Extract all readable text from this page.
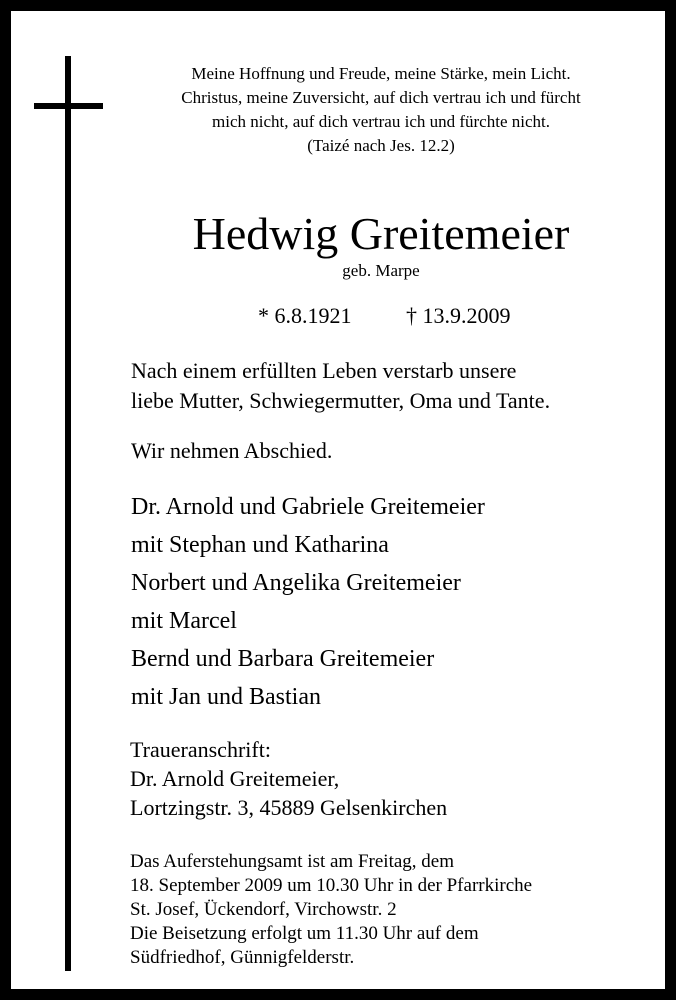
Meine Hoffnung und Freude, meine Stärke, mein Licht.
Christus, meine Zuversicht, auf dich vertrau ich und fürcht
mich nicht, auf dich vertrau ich und fürchte nicht.
(Taizé nach Jes. 12.2)
Hedwig Greitemeier
geb. Marpe
* 6.8.1921 † 13.9.2009
Nach einem erfüllten Leben verstarb unsere
liebe Mutter, Schwiegermutter, Oma und Tante.
Wir nehmen Abschied.
Dr. Arnold und Gabriele Greitemeier
mit Stephan und Katharina
Norbert und Angelika Greitemeier
mit Marcel
Bernd und Barbara Greitemeier
mit Jan und Bastian
Traueranschrift:
Dr. Arnold Greitemeier,
Lortzingstr. 3, 45889 Gelsenkirchen
Das Auferstehungsamt ist am Freitag, dem
18. September 2009 um 10.30 Uhr in der Pfarrkirche
St. Josef, Ückendorf, Virchowstr. 2
Die Beisetzung erfolgt um 11.30 Uhr auf dem
Südfriedhof, Günnigfelderstr.
